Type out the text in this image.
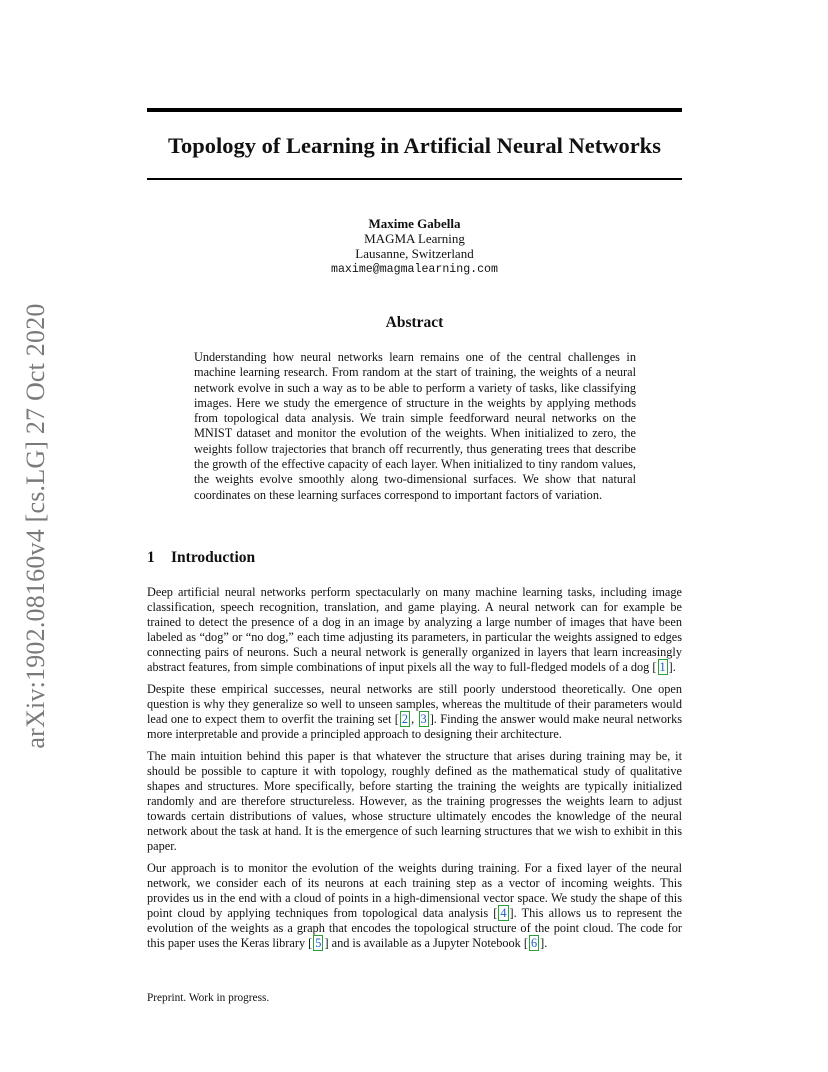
arXiv:1902.08160v4 [cs.LG] 27 Oct 2020
Topology of Learning in Artificial Neural Networks
Maxime Gabella
MAGMA Learning
Lausanne, Switzerland
maxime@magmalearning.com
Abstract

Understanding how neural networks learn remains one of the central challenges in machine learning research. From random at the start of training, the weights of a neural network evolve in such a way as to be able to perform a variety of tasks, like classifying images. Here we study the emergence of structure in the weights by applying methods from topological data analysis. We train simple feedforward neural networks on the MNIST dataset and monitor the evolution of the weights. When initialized to zero, the weights follow trajectories that branch off recurrently, thus generating trees that describe the growth of the effective capacity of each layer. When initialized to tiny random values, the weights evolve smoothly along two-dimensional surfaces. We show that natural coordinates on these learning surfaces correspond to important factors of variation.

1 Introduction

Deep artificial neural networks perform spectacularly on many machine learning tasks, including image classification, speech recognition, translation, and game playing. A neural network can for example be trained to detect the presence of a dog in an image by analyzing a large number of images that have been labeled as “dog” or “no dog,” each time adjusting its parameters, in particular the weights assigned to edges connecting pairs of neurons. Such a neural network is generally organized in layers that learn increasingly abstract features, from simple combinations of input pixels all the way to full-fledged models of a dog [ 1 ].

Despite these empirical successes, neural networks are still poorly understood theoretically. One open question is why they generalize so well to unseen samples, whereas the multitude of their parameters would lead one to expect them to overfit the training set [ 2 , 3 ]. Finding the answer would make neural networks more interpretable and provide a principled approach to designing their architecture.

The main intuition behind this paper is that whatever the structure that arises during training may be, it should be possible to capture it with topology, roughly defined as the mathematical study of qualitative shapes and structures. More specifically, before starting the training the weights are typically initialized randomly and are therefore structureless. However, as the training progresses the weights learn to adjust towards certain distributions of values, whose structure ultimately encodes the knowledge of the neural network about the task at hand. It is the emergence of such learning structures that we wish to exhibit in this paper.

Our approach is to monitor the evolution of the weights during training. For a fixed layer of the neural network, we consider each of its neurons at each training step as a vector of incoming weights. This provides us in the end with a cloud of points in a high-dimensional vector space. We study the shape of this point cloud by applying techniques from topological data analysis [ 4 ]. This allows us to represent the evolution of the weights as a graph that encodes the topological structure of the point cloud. The code for this paper uses the Keras library [ 5 ] and is available as a Jupyter Notebook [ 6 ].

Preprint. Work in progress.
